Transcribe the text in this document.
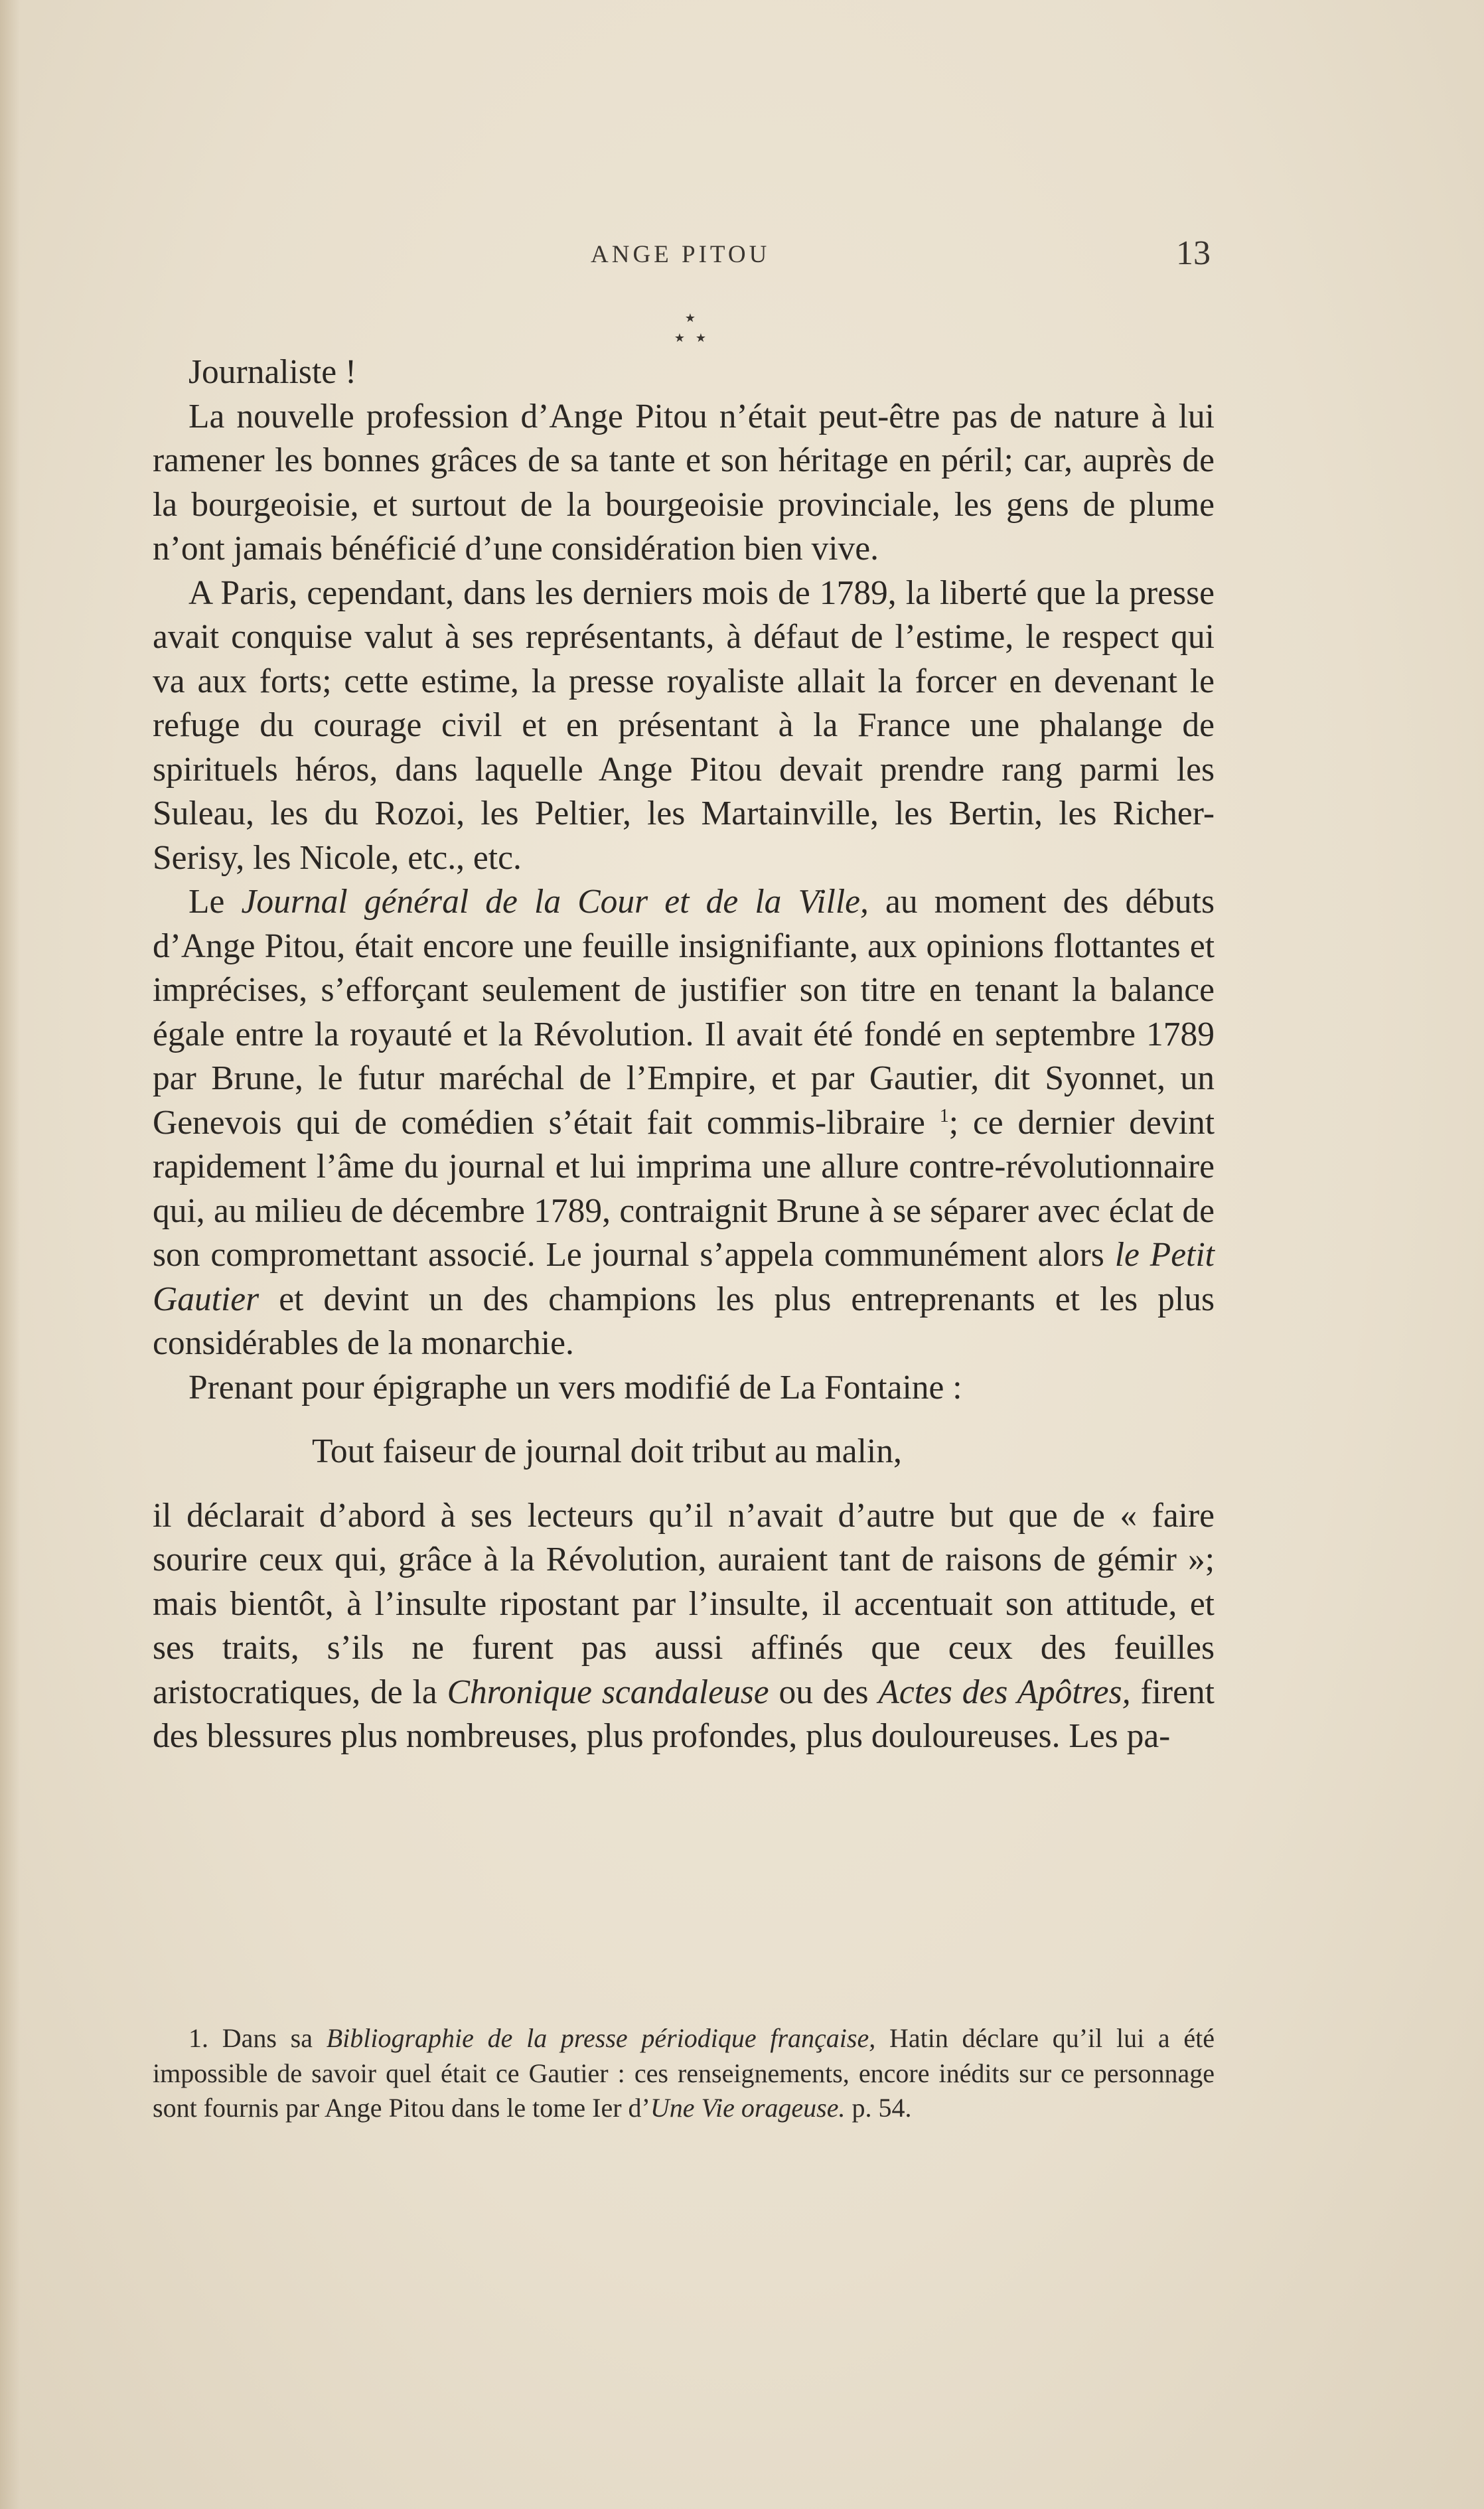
ANGE PITOU	13
★
★ ★

Journaliste !

La nouvelle profession d’Ange Pitou n’était peut-être pas de nature à lui ramener les bonnes grâces de sa tante et son héritage en péril; car, auprès de la bourgeoisie, et surtout de la bourgeoisie provinciale, les gens de plume n’ont jamais bénéficié d’une considération bien vive.

A Paris, cependant, dans les derniers mois de 1789, la liberté que la presse avait conquise valut à ses représentants, à défaut de l’estime, le respect qui va aux forts; cette estime, la presse royaliste allait la forcer en devenant le refuge du courage civil et en présentant à la France une phalange de spirituels héros, dans laquelle Ange Pitou devait prendre rang parmi les Suleau, les du Rozoi, les Peltier, les Martainville, les Bertin, les Richer-Serisy, les Nicole, etc., etc.

Le Journal général de la Cour et de la Ville, au moment des débuts d’Ange Pitou, était encore une feuille insignifiante, aux opinions flottantes et imprécises, s’efforçant seulement de justifier son titre en tenant la balance égale entre la royauté et la Révolution. Il avait été fondé en septembre 1789 par Brune, le futur maréchal de l’Empire, et par Gautier, dit Syonnet, un Genevois qui de comédien s’était fait commis-libraire $^1$; ce dernier devint rapidement l’âme du journal et lui imprima une allure contre-révolutionnaire qui, au milieu de décembre 1789, contraignit Brune à se séparer avec éclat de son compromettant associé. Le journal s’appela communément alors le Petit Gautier et devint un des champions les plus entreprenants et les plus considérables de la monarchie.

Prenant pour épigraphe un vers modifié de La Fontaine :

Tout faiseur de journal doit tribut au malin,

il déclarait d’abord à ses lecteurs qu’il n’avait d’autre but que de « faire sourire ceux qui, grâce à la Révolution, auraient tant de raisons de gémir »; mais bientôt, à l’insulte ripostant par l’insulte, il accentuait son attitude, et ses traits, s’ils ne furent pas aussi affinés que ceux des feuilles aristocratiques, de la Chronique scandaleuse ou des Actes des Apôtres, firent des blessures plus nombreuses, plus profondes, plus douloureuses. Les pa-

1. Dans sa Bibliographie de la presse périodique française, Hatin déclare qu’il lui a été impossible de savoir quel était ce Gautier : ces renseignements, encore inédits sur ce personnage sont fournis par Ange Pitou dans le tome Ier d’Une Vie orageuse. p. 54.
